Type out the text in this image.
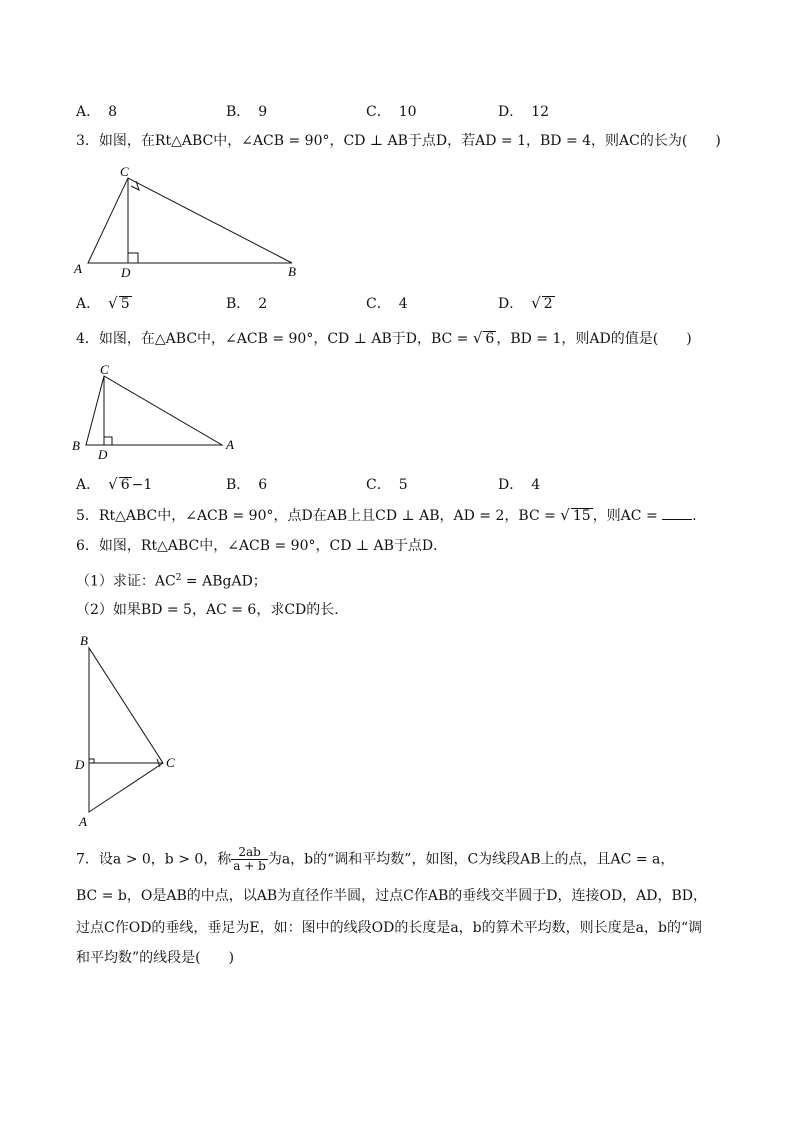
A． 8	B． 9	C． 10	D． 12
3．如图，在Rt△ABC中，∠ACB = 90°，CD ⊥ AB于点D，若AD = 1，BD = 4，则AC的长为(　　)
C
A	D	B
A． √ 5	B． 2	C． 4	D． √ 2
4．如图，在△ABC中，∠ACB = 90°，CD ⊥ AB于D，BC = √ 6 ，BD = 1，则AD的值是(　　)
C
B
D
A
A． √ 6 −1	B． 6	C． 5	D． 4
5．Rt△ABC中，∠ACB = 90°，点D在AB上且CD ⊥ AB，AD = 2，BC = √ 15 ，则AC = .
6．如图，Rt△ABC中，∠ACB = 90°，CD ⊥ AB于点D．
（1）求证：$AC^2$ = ABgAD；
（2）如果BD = 5，AC = 6，求CD的长．
B
D	C
A
7．设a > 0，b > 0，称 $\frac{2ab}{a + b}$ 为a，b的“调和平均数”，如图，C为线段AB上的点，且AC = a，
BC = b，O是AB的中点，以AB为直径作半圆，过点C作AB的垂线交半圆于D，连接OD，AD，BD，
过点C作OD的垂线，垂足为E，如：图中的线段OD的长度是a，b的算术平均数，则长度是a，b的“调
和平均数”的线段是(　　)
